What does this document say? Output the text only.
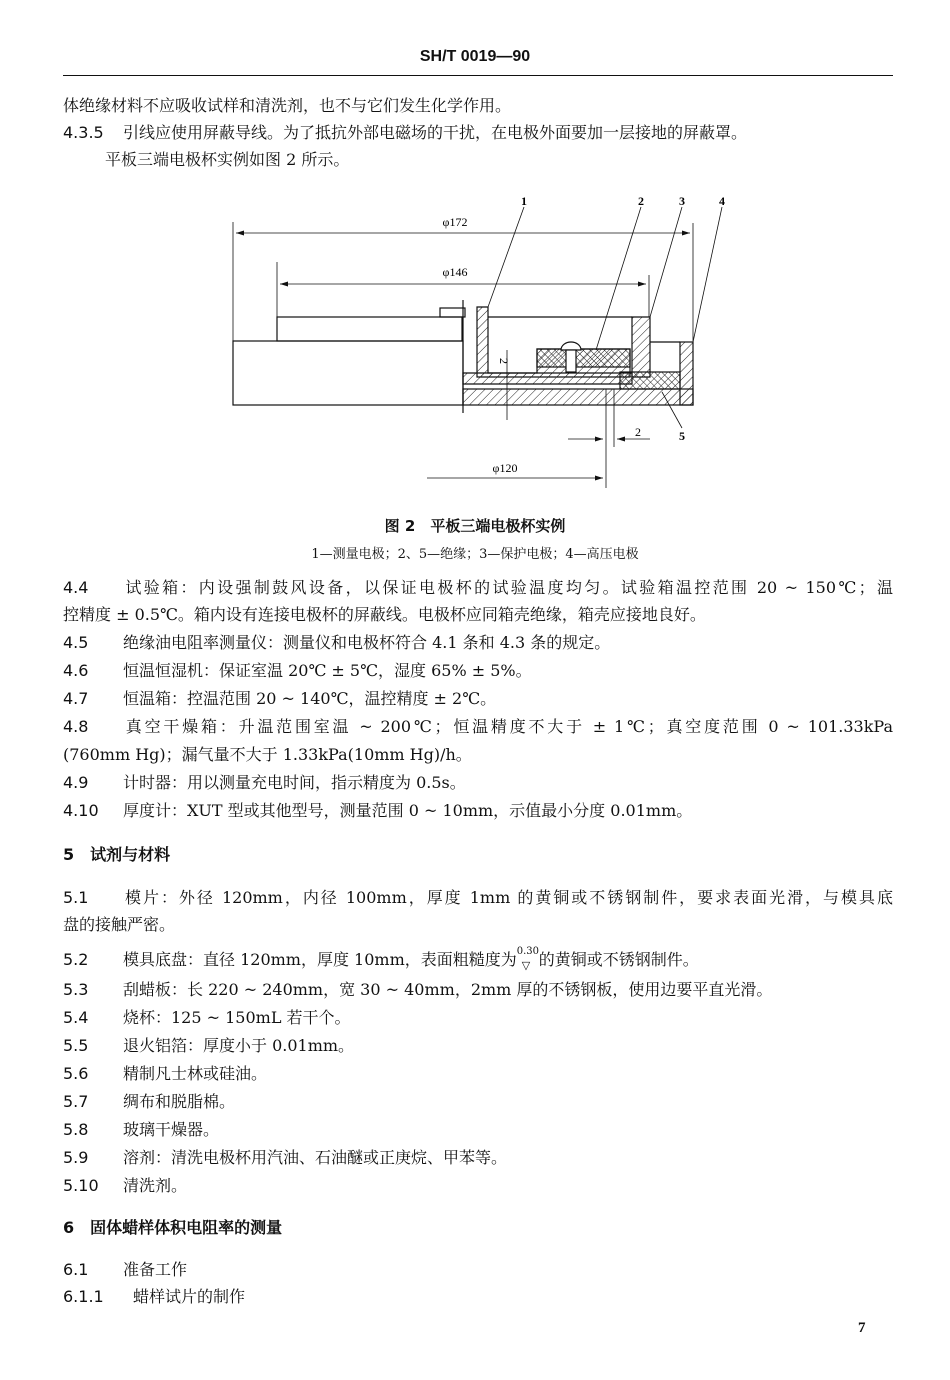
SH/T 0019—90
体绝缘材料不应吸收试样和清洗剂，也不与它们发生化学作用。
4.3.5 引线应使用屏蔽导线。为了抵抗外部电磁场的干扰，在电极外面要加一层接地的屏蔽罩。
平板三端电极杯实例如图 2 所示。
φ172
φ146
φ120
2
2
1	2	3	4
5
图 2　平板三端电极杯实例
1—测量电极；2、5—绝缘；3—保护电极；4—高压电极
4.4 试验箱：内设强制鼓风设备，以保证电极杯的试验温度均匀。试验箱温控范围 20 ~ 150℃；温
控精度 ± 0.5℃。箱内设有连接电极杯的屏蔽线。电极杯应同箱壳绝缘，箱壳应接地良好。
4.5 绝缘油电阻率测量仪：测量仪和电极杯符合 4.1 条和 4.3 条的规定。
4.6 恒温恒湿机：保证室温 20℃ ± 5℃，湿度 65% ± 5%。
4.7 恒温箱：控温范围 20 ~ 140℃，温控精度 ± 2℃。
4.8 真空干燥箱：升温范围室温 ~ 200℃；恒温精度不大于 ± 1℃；真空度范围 0 ~ 101.33kPa
(760mm Hg)；漏气量不大于 1.33kPa(10mm Hg)/h。
4.9 计时器：用以测量充电时间，指示精度为 0.5s。
4.10 厚度计：XUT 型或其他型号，测量范围 0 ~ 10mm，示值最小分度 0.01mm。
5　试剂与材料
5.1 模片：外径 120mm，内径 100mm，厚度 1mm 的黄铜或不锈钢制件，要求表面光滑，与模具底
盘的接触严密。
5.2 模具底盘：直径 120mm，厚度 10mm，表面粗糙度为 0.30
▽ 的黄铜或不锈钢制件。
5.3 刮蜡板：长 220 ~ 240mm，宽 30 ~ 40mm，2mm 厚的不锈钢板，使用边要平直光滑。
5.4 烧杯：125 ~ 150mL 若干个。
5.5 退火铝箔：厚度小于 0.01mm。
5.6 精制凡士林或硅油。
5.7 绸布和脱脂棉。
5.8 玻璃干燥器。
5.9 溶剂：清洗电极杯用汽油、石油醚或正庚烷、甲苯等。
5.10 清洗剂。
6　固体蜡样体积电阻率的测量
6.1 准备工作
6.1.1 蜡样试片的制作
7
